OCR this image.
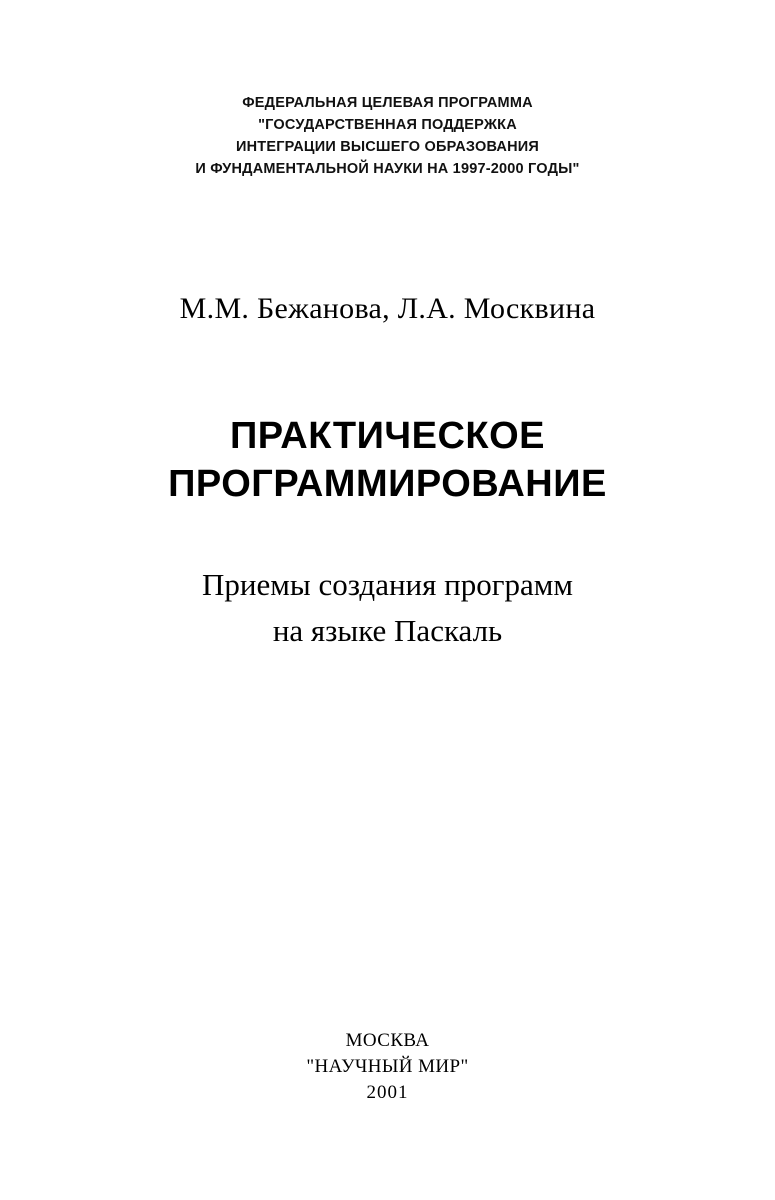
ФЕДЕРАЛЬНАЯ ЦЕЛЕВАЯ ПРОГРАММА
"ГОСУДАРСТВЕННАЯ ПОДДЕРЖКА
ИНТЕГРАЦИИ ВЫСШЕГО ОБРАЗОВАНИЯ
И ФУНДАМЕНТАЛЬНОЙ НАУКИ НА 1997-2000 ГОДЫ"
М.М. Бежанова, Л.А. Москвина
ПРАКТИЧЕСКОЕ
ПРОГРАММИРОВАНИЕ
Приемы создания программ
на языке Паскаль
МОСКВА
"НАУЧНЫЙ МИР"
2001
